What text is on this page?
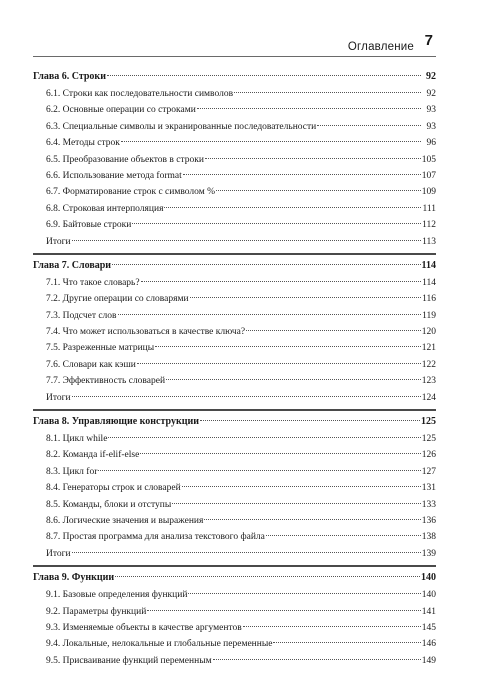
$_{Оглавление}$ 7
Глава 6. Строки	92
6.1. Строки как последовательности символов	92
6.2. Основные операции со строками	93
6.3. Специальные символы и экранированные последовательности	93
6.4. Методы строк	96
6.5. Преобразование объектов в строки	105
6.6. Использование метода format	107
6.7. Форматирование строк с символом %	109
6.8. Строковая интерполяция	111
6.9. Байтовые строки	112
Итоги	113
Глава 7. Словари	114
7.1. Что такое словарь?	114
7.2. Другие операции со словарями	116
7.3. Подсчет слов	119
7.4. Что может использоваться в качестве ключа?	120
7.5. Разреженные матрицы	121
7.6. Словари как кэши	122
7.7. Эффективность словарей	123
Итоги	124
Глава 8. Управляющие конструкции	125
8.1. Цикл while	125
8.2. Команда if-elif-else	126
8.3. Цикл for	127
8.4. Генераторы строк и словарей	131
8.5. Команды, блоки и отступы	133
8.6. Логические значения и выражения	136
8.7. Простая программа для анализа текстового файла	138
Итоги	139
Глава 9. Функции	140
9.1. Базовые определения функций	140
9.2. Параметры функций	141
9.3. Изменяемые объекты в качестве аргументов	145
9.4. Локальные, нелокальные и глобальные переменные	146
9.5. Присваивание функций переменным	149
